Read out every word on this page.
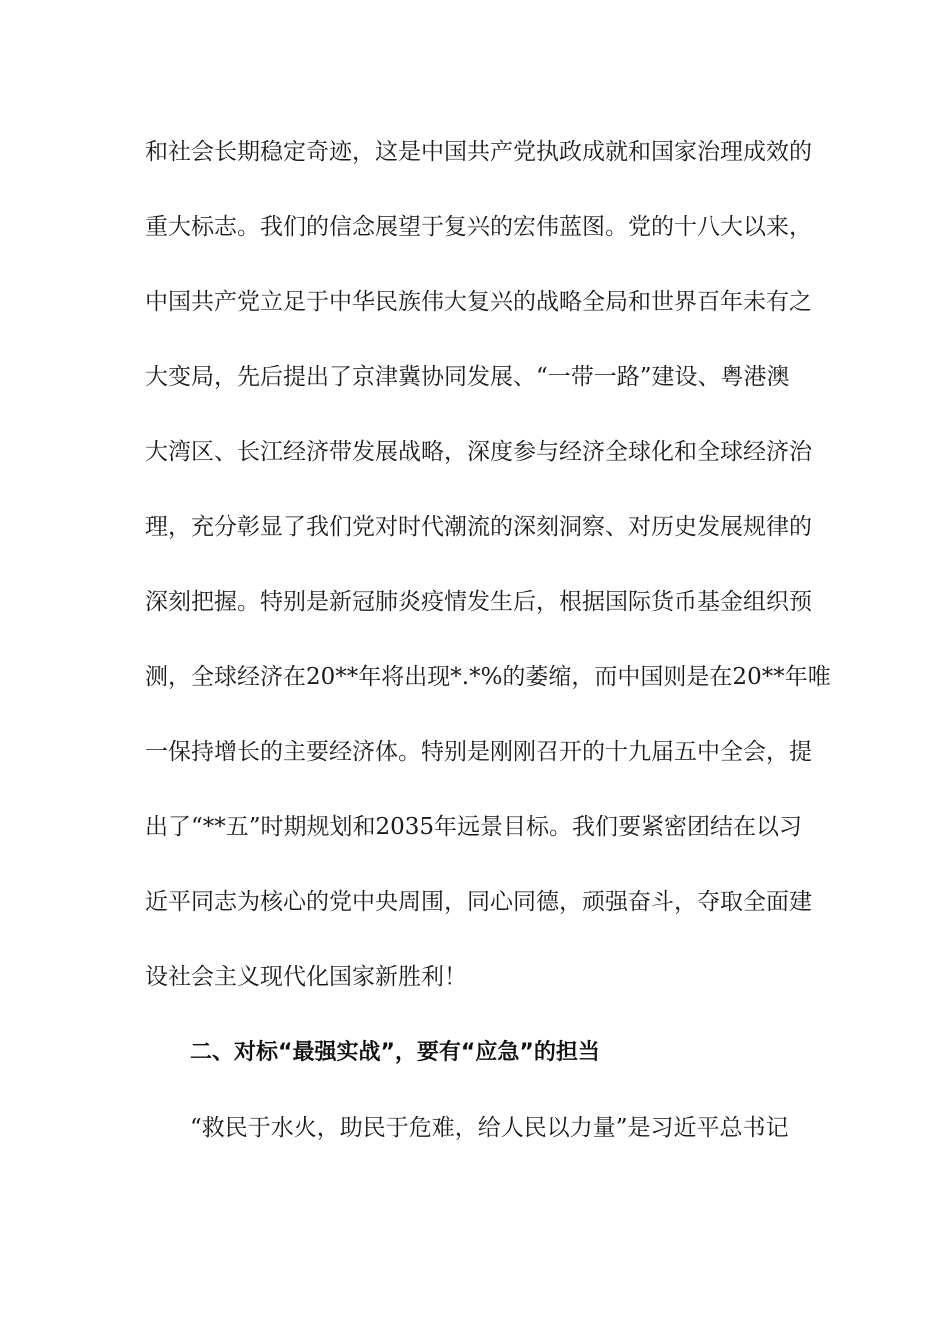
和社会长期稳定奇迹，这是中国共产党执政成就和国家治理成效的
重大标志。我们的信念展望于复兴的宏伟蓝图。党的十八大以来，
中国共产党立足于中华民族伟大复兴的战略全局和世界百年未有之
大变局，先后提出了京津冀协同发展、“一带一路”建设、粤港澳
大湾区、长江经济带发展战略，深度参与经济全球化和全球经济治
理，充分彰显了我们党对时代潮流的深刻洞察、对历史发展规律的
深刻把握。特别是新冠肺炎疫情发生后，根据国际货币基金组织预
测，全球经济在20**年将出现*.*%的萎缩，而中国则是在20**年唯
一保持增长的主要经济体。特别是刚刚召开的十九届五中全会，提
出了“**五”时期规划和2035年远景目标。我们要紧密团结在以习
近平同志为核心的党中央周围，同心同德，顽强奋斗，夺取全面建
设社会主义现代化国家新胜利！
二、对标“最强实战”，要有“应急”的担当
“救民于水火，助民于危难，给人民以力量”是习近平总书记
